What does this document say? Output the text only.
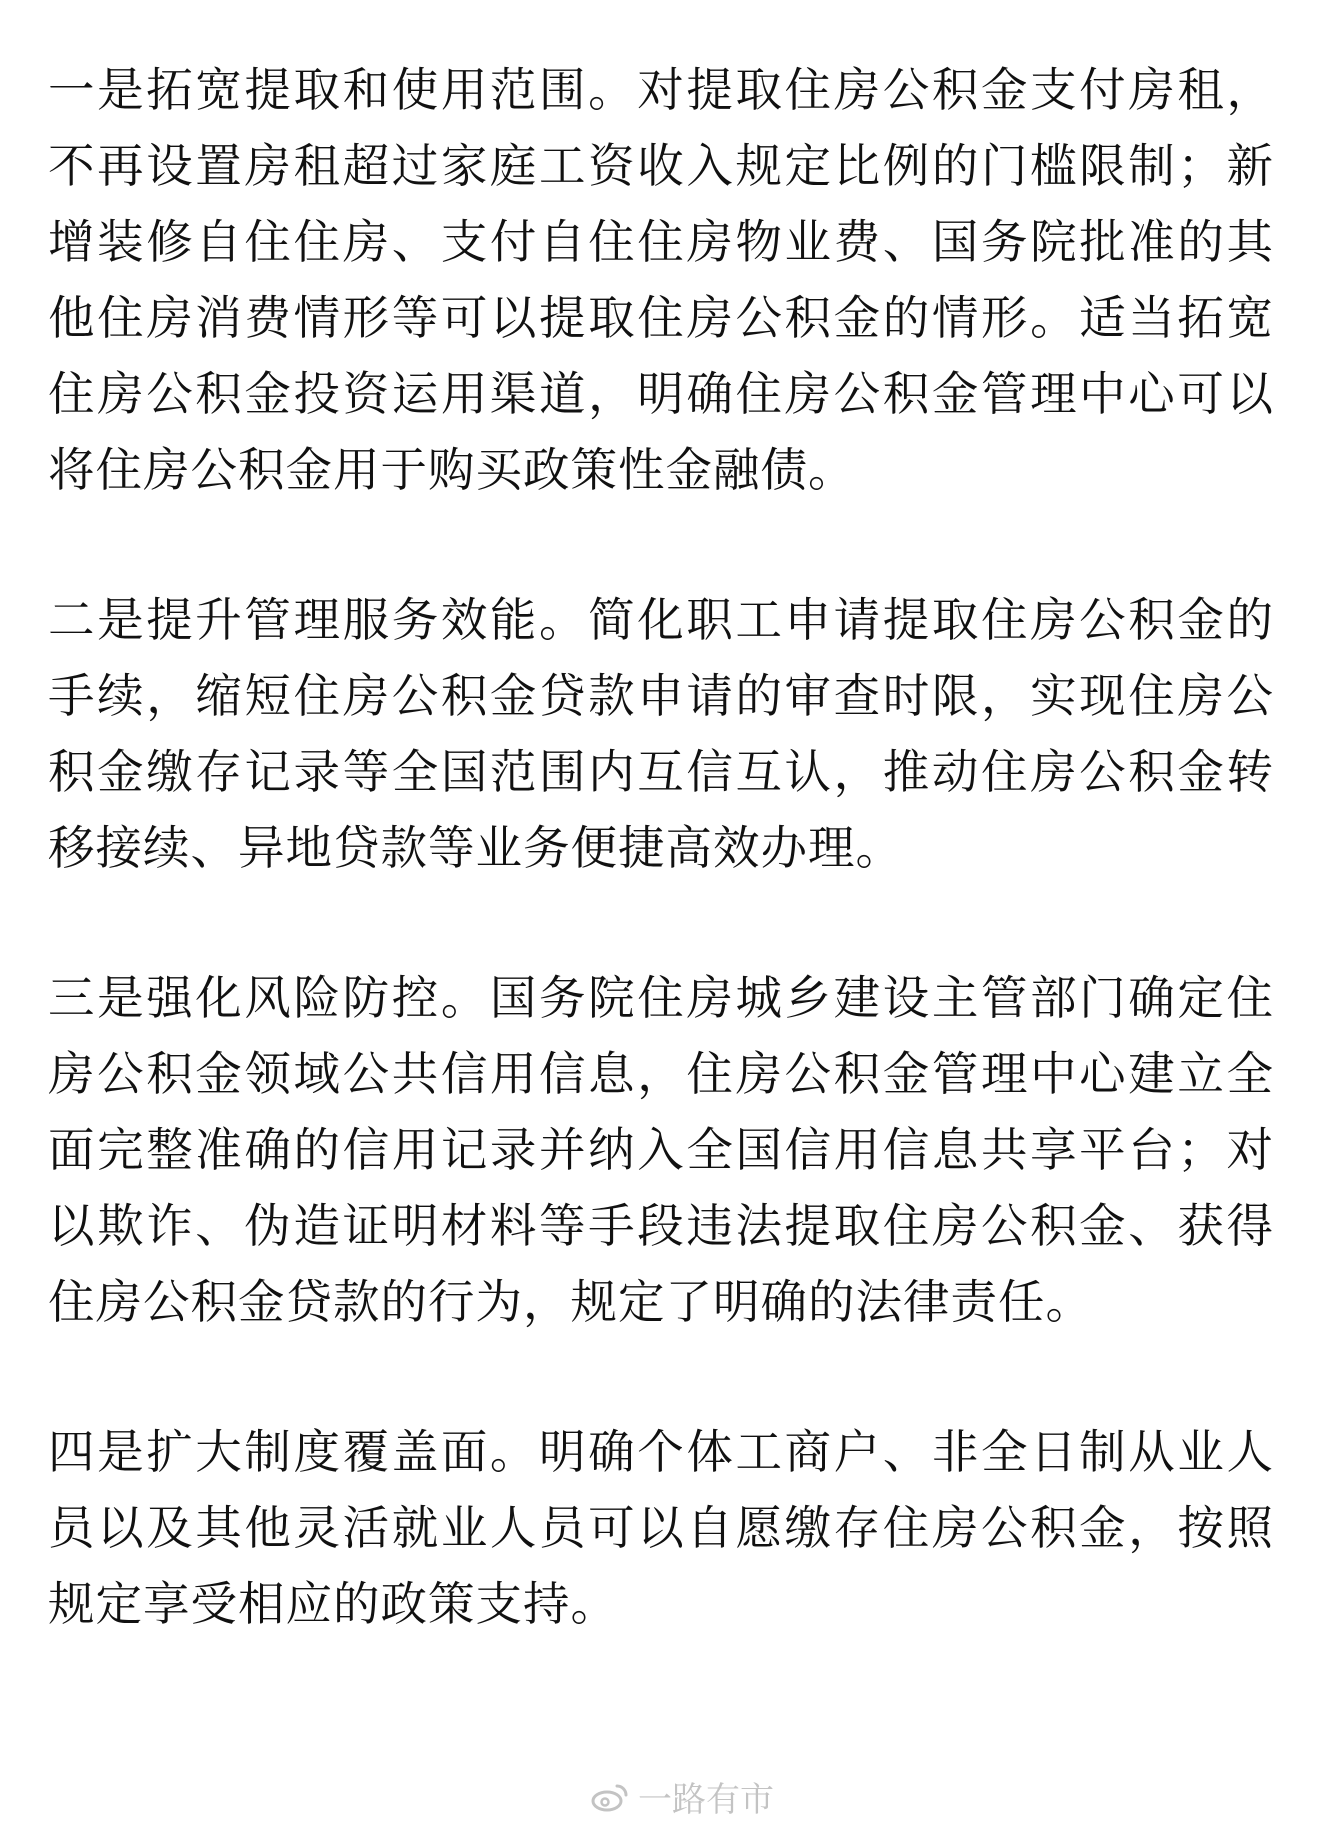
一是拓宽提取和使用范围。对提取住房公积金支付房租，不再设置房租超过家庭工资收入规定比例的门槛限制；新增装修自住住房、支付自住住房物业费、国务院批准的其他住房消费情形等可以提取住房公积金的情形。适当拓宽住房公积金投资运用渠道，明确住房公积金管理中心可以将住房公积金用于购买政策性金融债。

二是提升管理服务效能。简化职工申请提取住房公积金的手续，缩短住房公积金贷款申请的审查时限，实现住房公积金缴存记录等全国范围内互信互认，推动住房公积金转移接续、异地贷款等业务便捷高效办理。

三是强化风险防控。国务院住房城乡建设主管部门确定住房公积金领域公共信用信息，住房公积金管理中心建立全面完整准确的信用记录并纳入全国信用信息共享平台；对以欺诈、伪造证明材料等手段违法提取住房公积金、获得住房公积金贷款的行为，规定了明确的法律责任。

四是扩大制度覆盖面。明确个体工商户、非全日制从业人员以及其他灵活就业人员可以自愿缴存住房公积金，按照规定享受相应的政策支持。

一路有市
